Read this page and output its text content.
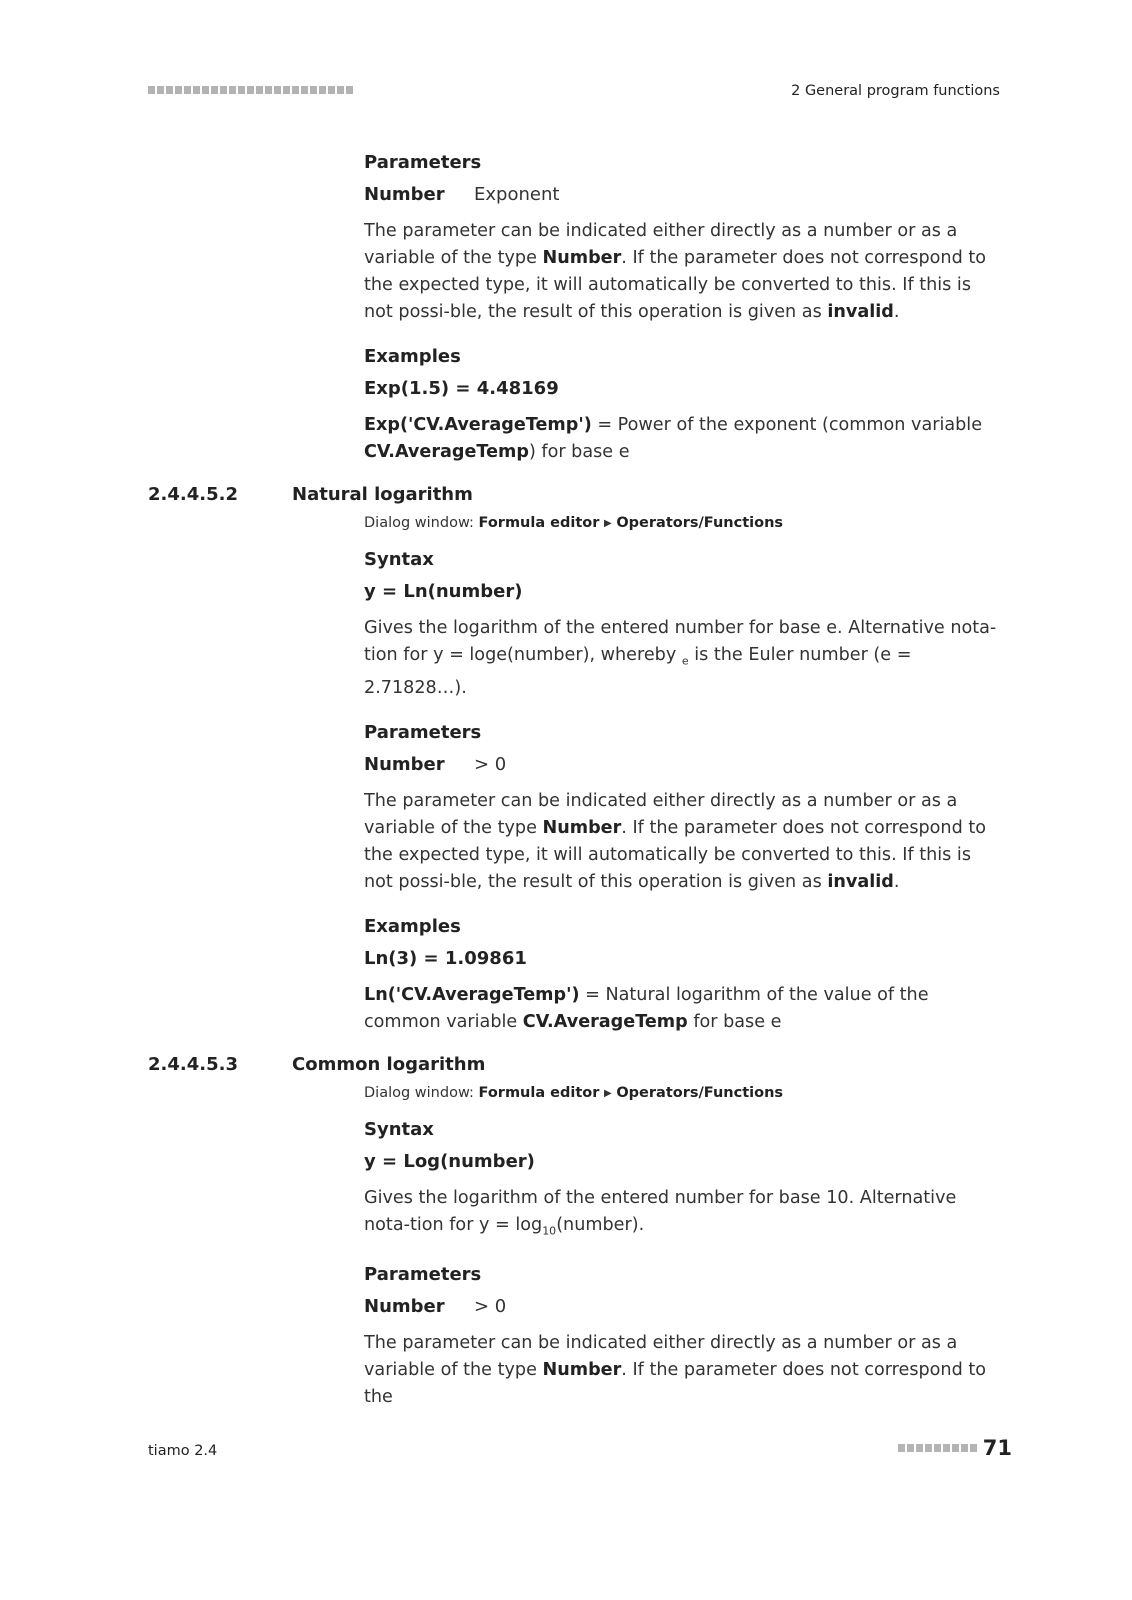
2 General program functions
Parameters
Number	Exponent

The parameter can be indicated either directly as a number or as a variable of the type Number. If the parameter does not correspond to the expected type, it will automatically be converted to this. If this is not possi-ble, the result of this operation is given as invalid.

Examples
Exp(1.5) = 4.48169

Exp('CV.AverageTemp') = Power of the exponent (common variable CV.AverageTemp) for base e

2.4.4.5.2	Natural logarithm
Dialog window: Formula editor ▶ Operators/Functions
Syntax
y = Ln(number)

Gives the logarithm of the entered number for base e. Alternative nota-tion for y = loge(number), whereby $_e$ is the Euler number (e = 2.71828…).

Parameters
Number	> 0

The parameter can be indicated either directly as a number or as a variable of the type Number. If the parameter does not correspond to the expected type, it will automatically be converted to this. If this is not possi-ble, the result of this operation is given as invalid.

Examples
Ln(3) = 1.09861

Ln('CV.AverageTemp') = Natural logarithm of the value of the common variable CV.AverageTemp for base e

2.4.4.5.3	Common logarithm
Dialog window: Formula editor ▶ Operators/Functions
Syntax
y = Log(number)

Gives the logarithm of the entered number for base 10. Alternative nota-tion for $y = \log_{10}(number)$.

Parameters
Number	> 0

The parameter can be indicated either directly as a number or as a variable of the type Number. If the parameter does not correspond to the

tiamo 2.4	71
